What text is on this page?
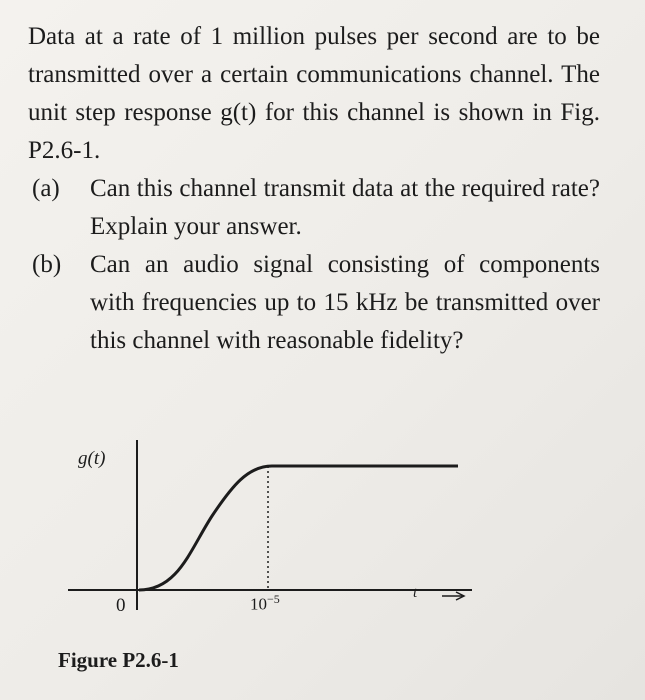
Data at a rate of 1 million pulses per second are to be transmitted over a certain communications channel. The unit step response g(t) for this channel is shown in Fig. P2.6-1.

(a) Can this channel transmit data at the required rate? Explain your answer.

(b) Can an audio signal consisting of components with frequencies up to 15 kHz be transmitted over this channel with reasonable fidelity?

g(t)
0	$10^{-5}$	t
Figure P2.6-1
